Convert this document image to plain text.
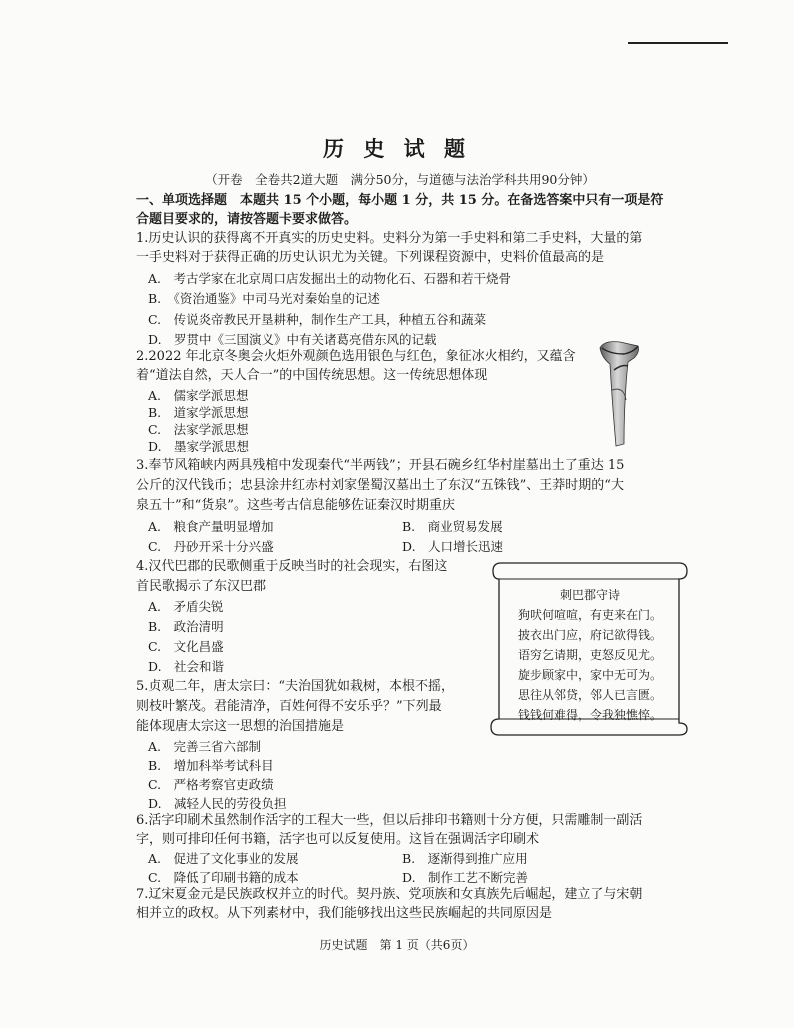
历 史 试 题
（开卷　全卷共2道大题　满分50分，与道德与法治学科共用90分钟）
一、单项选择题　本题共 15 个小题，每小题 1 分，共 15 分。在备选答案中只有一项是符
合题目要求的，请按答题卡要求做答。
1.历史认识的获得离不开真实的历史史料。史料分为第一手史料和第二手史料，大量的第
一手史料对于获得正确的历史认识尤为关键。下列课程资源中，史料价值最高的是
A.　考古学家在北京周口店发掘出土的动物化石、石器和若干烧骨
B.　《资治通鉴》中司马光对秦始皇的记述
C.　传说炎帝教民开垦耕种，制作生产工具，种植五谷和蔬菜
D.　罗贯中《三国演义》中有关诸葛亮借东风的记载
2.2022 年北京冬奥会火炬外观颜色选用银色与红色，象征冰火相约，又蕴含
着“道法自然，天人合一”的中国传统思想。这一传统思想体现
A.　儒家学派思想
B.　道家学派思想
C.　法家学派思想
D.　墨家学派思想
3.奉节风箱峡内两具残棺中发现秦代“半两钱”；开县石碗乡红华村崖墓出土了重达 15
公斤的汉代钱币；忠县涂井红赤村刘家堡蜀汉墓出土了东汉“五铢钱”、王莽时期的“大
泉五十”和“货泉”。这些考古信息能够佐证秦汉时期重庆
A.　粮食产量明显增加	B.　商业贸易发展
C.　丹砂开采十分兴盛	D.　人口增长迅速
4.汉代巴郡的民歌侧重于反映当时的社会现实，右图这
首民歌揭示了东汉巴郡
A.　矛盾尖锐
B.　政治清明
C.　文化昌盛
D.　社会和谐
刺巴郡守诗
狗吠何喧喧，有吏来在门。
披衣出门应，府记欲得钱。
语穷乞请期，吏怒反见尤。
旋步顾家中，家中无可为。
思往从邻贷，邻人已言匮。
钱钱何难得，令我独憔悴。
5.贞观二年，唐太宗曰：“夫治国犹如栽树，本根不摇，
则枝叶繁茂。君能清净，百姓何得不安乐乎？”下列最
能体现唐太宗这一思想的治国措施是
A.　完善三省六部制
B.　增加科举考试科目
C.　严格考察官吏政绩
D.　减轻人民的劳役负担
6.活字印刷术虽然制作活字的工程大一些，但以后排印书籍则十分方便，只需雕制一副活
字，则可排印任何书籍，活字也可以反复使用。这旨在强调活字印刷术
A.　促进了文化事业的发展	B.　逐渐得到推广应用
C.　降低了印刷书籍的成本	D.　制作工艺不断完善
7.辽宋夏金元是民族政权并立的时代。契丹族、党项族和女真族先后崛起，建立了与宋朝
相并立的政权。从下列素材中，我们能够找出这些民族崛起的共同原因是
历史试题　第 1 页（共6页）
